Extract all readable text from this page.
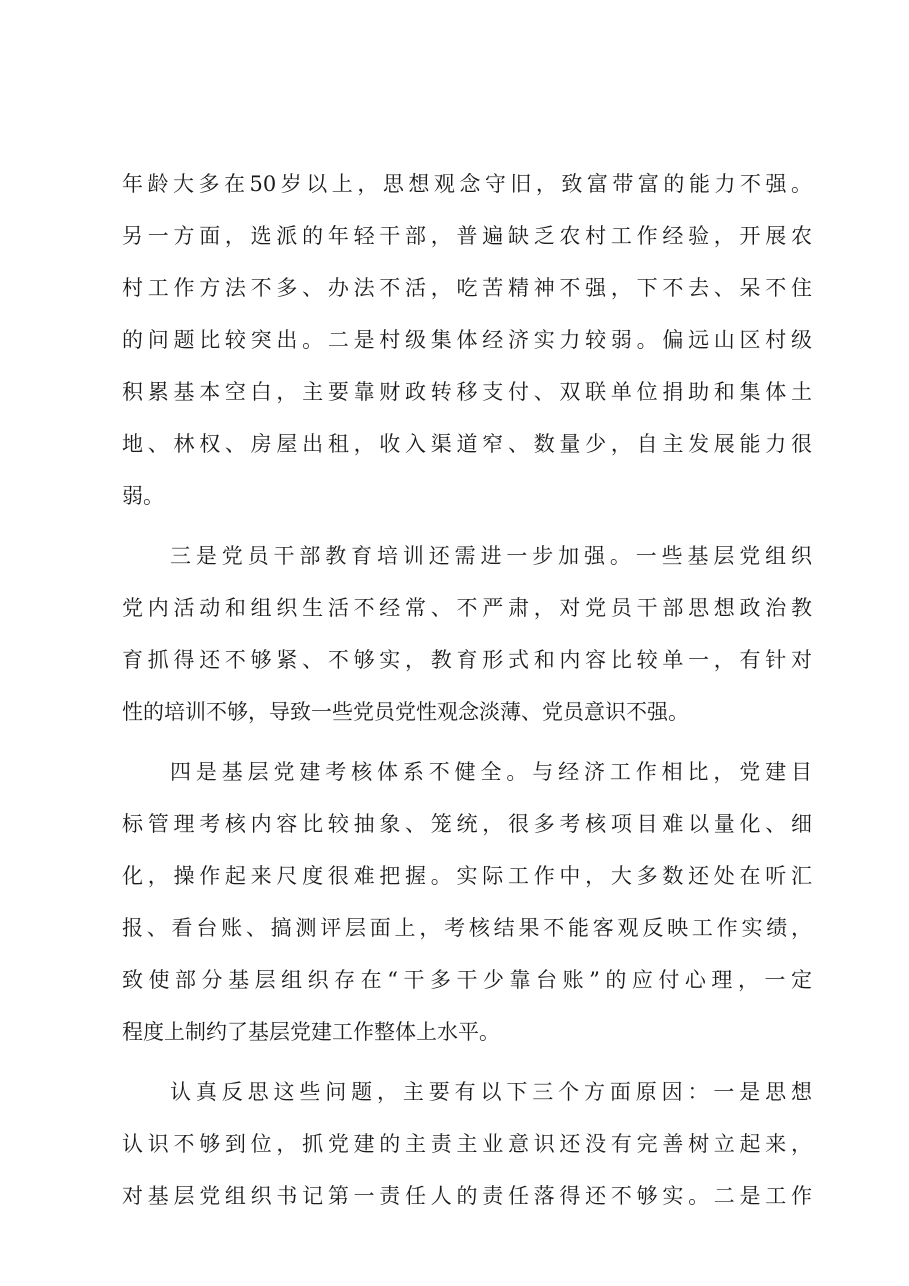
年龄大多在50岁以上，思想观念守旧，致富带富的能力不强。
另一方面，选派的年轻干部，普遍缺乏农村工作经验，开展农
村工作方法不多、办法不活，吃苦精神不强，下不去、呆不住
的问题比较突出。二是村级集体经济实力较弱。偏远山区村级
积累基本空白，主要靠财政转移支付、双联单位捐助和集体土
地、林权、房屋出租，收入渠道窄、数量少，自主发展能力很
弱。
三是党员干部教育培训还需进一步加强。一些基层党组织
党内活动和组织生活不经常、不严肃，对党员干部思想政治教
育抓得还不够紧、不够实，教育形式和内容比较单一，有针对
性的培训不够，导致一些党员党性观念淡薄、党员意识不强。
四是基层党建考核体系不健全。与经济工作相比，党建目
标管理考核内容比较抽象、笼统，很多考核项目难以量化、细
化，操作起来尺度很难把握。实际工作中，大多数还处在听汇
报、看台账、搞测评层面上，考核结果不能客观反映工作实绩，
致使部分基层组织存在“干多干少靠台账”的应付心理，一定
程度上制约了基层党建工作整体上水平。
认真反思这些问题，主要有以下三个方面原因：一是思想
认识不够到位，抓党建的主责主业意识还没有完善树立起来，
对基层党组织书记第一责任人的责任落得还不够实。二是工作
